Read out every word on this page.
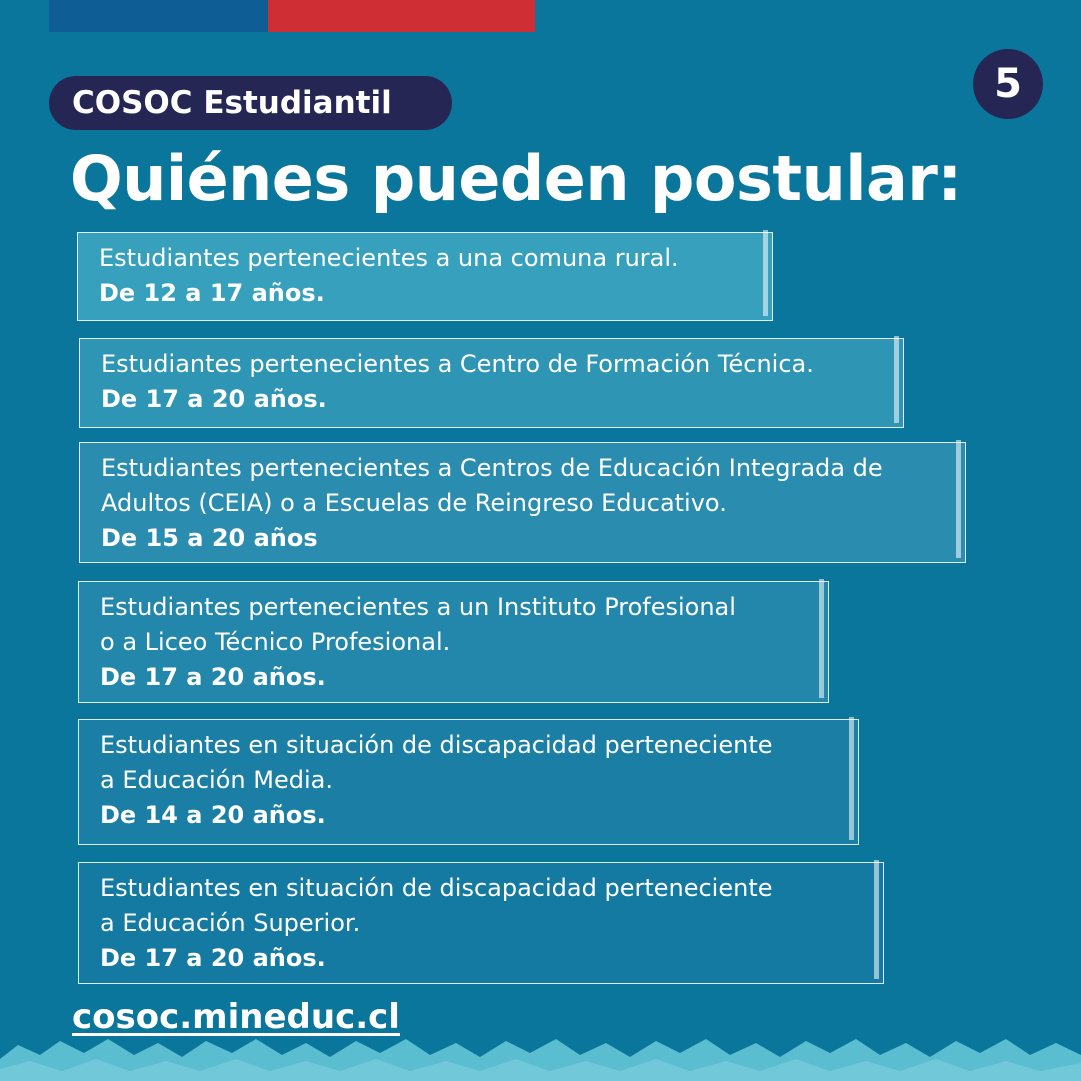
COSOC Estudiantil	5
Quiénes pueden postular:
Estudiantes pertenecientes a una comuna rural.
De 12 a 17 años.
Estudiantes pertenecientes a Centro de Formación Técnica.
De 17 a 20 años.
Estudiantes pertenecientes a Centros de Educación Integrada de
Adultos (CEIA) o a Escuelas de Reingreso Educativo.
De 15 a 20 años
Estudiantes pertenecientes a un Instituto Profesional
o a Liceo Técnico Profesional.
De 17 a 20 años.
Estudiantes en situación de discapacidad perteneciente
a Educación Media.
De 14 a 20 años.
Estudiantes en situación de discapacidad perteneciente
a Educación Superior.
De 17 a 20 años.
cosoc.mineduc.cl
